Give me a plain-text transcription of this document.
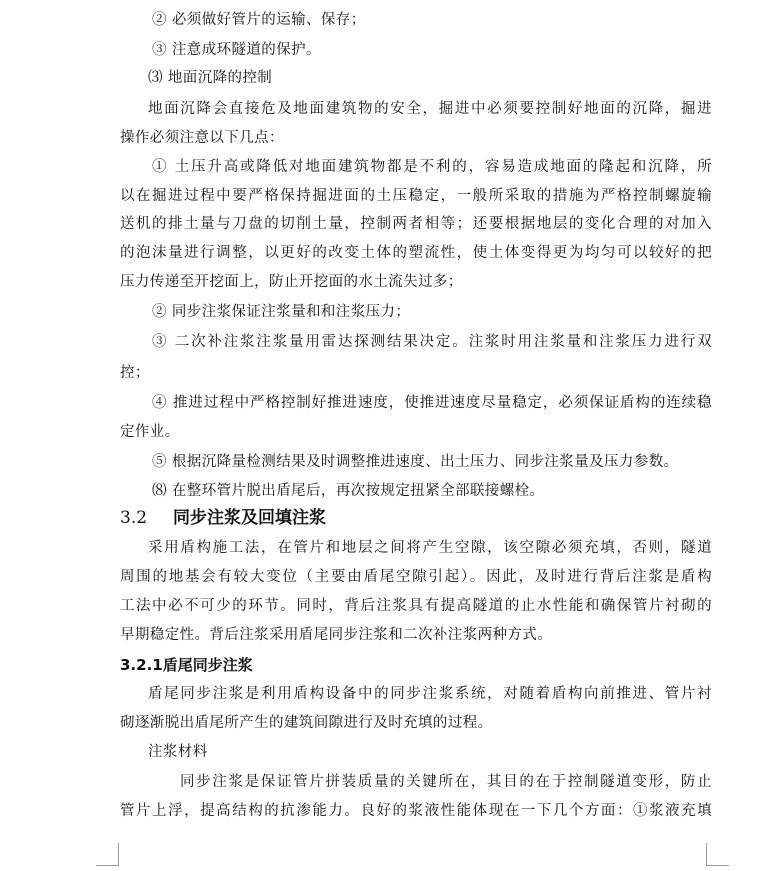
② 必须做好管片的运输、保存；
③ 注意成环隧道的保护。
⑶ 地面沉降的控制
地面沉降会直接危及地面建筑物的安全，掘进中必须要控制好地面的沉降，掘进
操作必须注意以下几点：
① 土压升高或降低对地面建筑物都是不利的，容易造成地面的隆起和沉降，所
以在掘进过程中要严格保持掘进面的土压稳定，一般所采取的措施为严格控制螺旋输
送机的排土量与刀盘的切削土量，控制两者相等；还要根据地层的变化合理的对加入
的泡沫量进行调整，以更好的改变土体的塑流性，使土体变得更为均匀可以较好的把
压力传递至开挖面上，防止开挖面的水土流失过多；
② 同步注浆保证注浆量和和注浆压力；
③ 二次补注浆注浆量用雷达探测结果决定。注浆时用注浆量和注浆压力进行双
控；
④ 推进过程中严格控制好推进速度，使推进速度尽量稳定，必须保证盾构的连续稳
定作业。
⑤ 根据沉降量检测结果及时调整推进速度、出土压力、同步注浆量及压力参数。
⑻ 在整环管片脱出盾尾后，再次按规定扭紧全部联接螺栓。
3.2 同步注浆及回填注浆
采用盾构施工法，在管片和地层之间将产生空隙，该空隙必须充填，否则，隧道
周围的地基会有较大变位（主要由盾尾空隙引起）。因此，及时进行背后注浆是盾构
工法中必不可少的环节。同时，背后注浆具有提高隧道的止水性能和确保管片衬砌的
早期稳定性。背后注浆采用盾尾同步注浆和二次补注浆两种方式。
3.2.1盾尾同步注浆
盾尾同步注浆是利用盾构设备中的同步注浆系统，对随着盾构向前推进、管片衬
砌逐渐脱出盾尾所产生的建筑间隙进行及时充填的过程。
注浆材料
同步注浆是保证管片拼装质量的关键所在，其目的在于控制隧道变形，防止
管片上浮，提高结构的抗渗能力。良好的浆液性能体现在一下几个方面：①浆液充填
